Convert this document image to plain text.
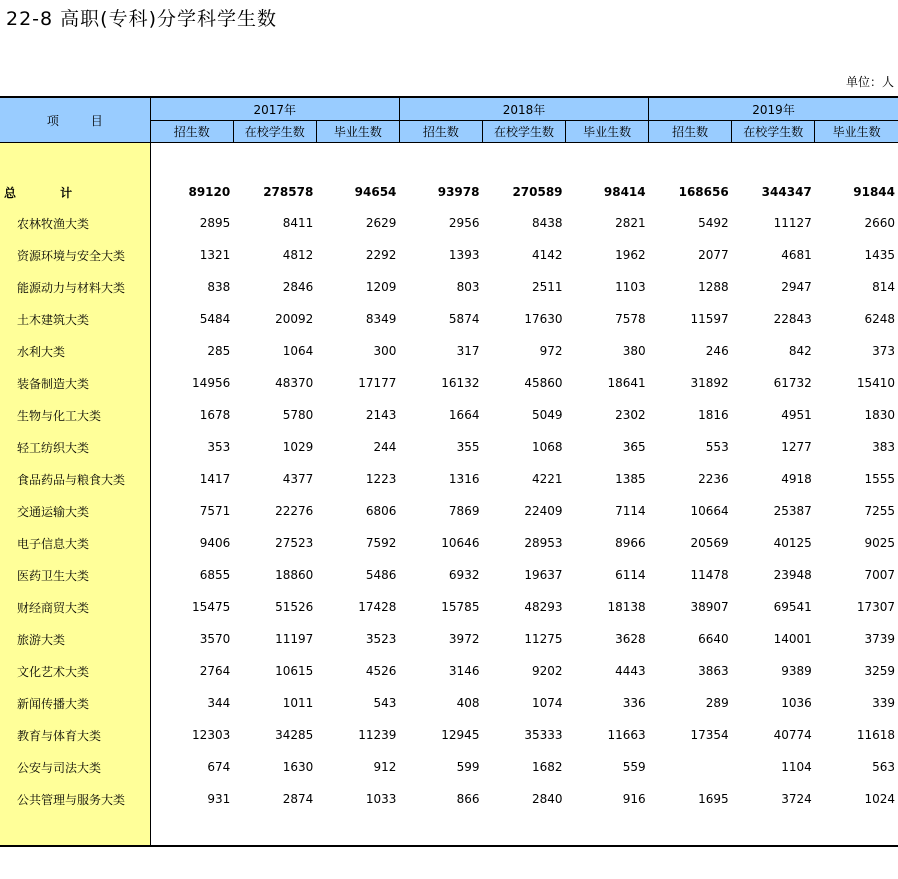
22-8 高职(专科)分学科学生数
单位：人
项 目	2017年			2018年			2019年		
	招生数	在校学生数	毕业生数	招生数	在校学生数	毕业生数	招生数	在校学生数	毕业生数

总 计	89120	278578	94654	93978	270589	98414	168656	344347	91844
农林牧渔大类	2895	8411	2629	2956	8438	2821	5492	11127	2660
资源环境与安全大类	1321	4812	2292	1393	4142	1962	2077	4681	1435
能源动力与材料大类	838	2846	1209	803	2511	1103	1288	2947	814
土木建筑大类	5484	20092	8349	5874	17630	7578	11597	22843	6248
水利大类	285	1064	300	317	972	380	246	842	373
装备制造大类	14956	48370	17177	16132	45860	18641	31892	61732	15410
生物与化工大类	1678	5780	2143	1664	5049	2302	1816	4951	1830
轻工纺织大类	353	1029	244	355	1068	365	553	1277	383
食品药品与粮食大类	1417	4377	1223	1316	4221	1385	2236	4918	1555
交通运输大类	7571	22276	6806	7869	22409	7114	10664	25387	7255
电子信息大类	9406	27523	7592	10646	28953	8966	20569	40125	9025
医药卫生大类	6855	18860	5486	6932	19637	6114	11478	23948	7007
财经商贸大类	15475	51526	17428	15785	48293	18138	38907	69541	17307
旅游大类	3570	11197	3523	3972	11275	3628	6640	14001	3739
文化艺术大类	2764	10615	4526	3146	9202	4443	3863	9389	3259
新闻传播大类	344	1011	543	408	1074	336	289	1036	339
教育与体育大类	12303	34285	11239	12945	35333	11663	17354	40774	11618
公安与司法大类	674	1630	912	599	1682	559		1104	563
公共管理与服务大类	931	2874	1033	866	2840	916	1695	3724	1024
